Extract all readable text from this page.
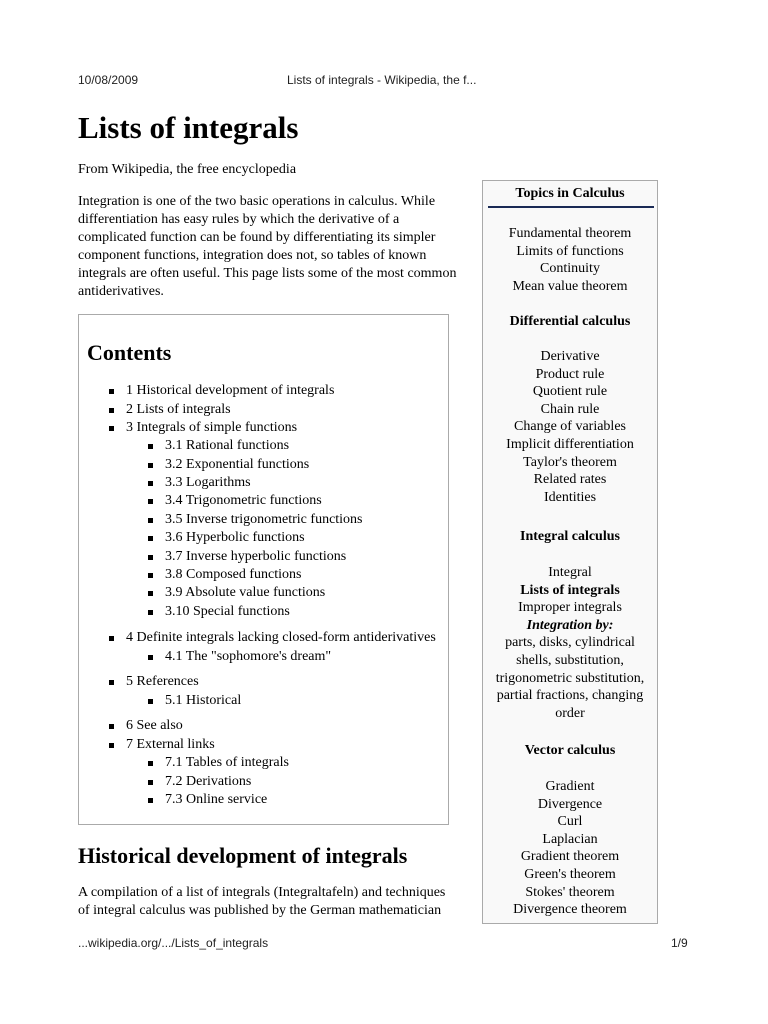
10/08/2009	Lists of integrals - Wikipedia, the f...
Lists of integrals
From Wikipedia, the free encyclopedia

Integration is one of the two basic operations in calculus. While differentiation has easy rules by which the derivative of a complicated function can be found by differentiating its simpler component functions, integration does not, so tables of known integrals are often useful. This page lists some of the most common antiderivatives.

Contents
1 Historical development of integrals
2 Lists of integrals
3 Integrals of simple functions
3.1 Rational functions
3.2 Exponential functions
3.3 Logarithms
3.4 Trigonometric functions
3.5 Inverse trigonometric functions
3.6 Hyperbolic functions
3.7 Inverse hyperbolic functions
3.8 Composed functions
3.9 Absolute value functions
3.10 Special functions
4 Definite integrals lacking closed-form antiderivatives
4.1 The "sophomore's dream"
5 References
5.1 Historical
6 See also
7 External links
7.1 Tables of integrals
7.2 Derivations
7.3 Online service
Historical development of integrals

A compilation of a list of integrals (Integraltafeln) and techniques of integral calculus was published by the German mathematician

Topics in Calculus
Fundamental theorem
Limits of functions
Continuity
Mean value theorem
Differential calculus
Derivative
Product rule
Quotient rule
Chain rule
Change of variables
Implicit differentiation
Taylor's theorem
Related rates
Identities
Integral calculus
Integral
Lists of integrals
Improper integrals
Integration by:
parts, disks, cylindrical
shells, substitution,
trigonometric substitution,
partial fractions, changing
order
Vector calculus
Gradient
Divergence
Curl
Laplacian
Gradient theorem
Green's theorem
Stokes' theorem
Divergence theorem
...wikipedia.org/.../Lists_of_integrals	1/9
